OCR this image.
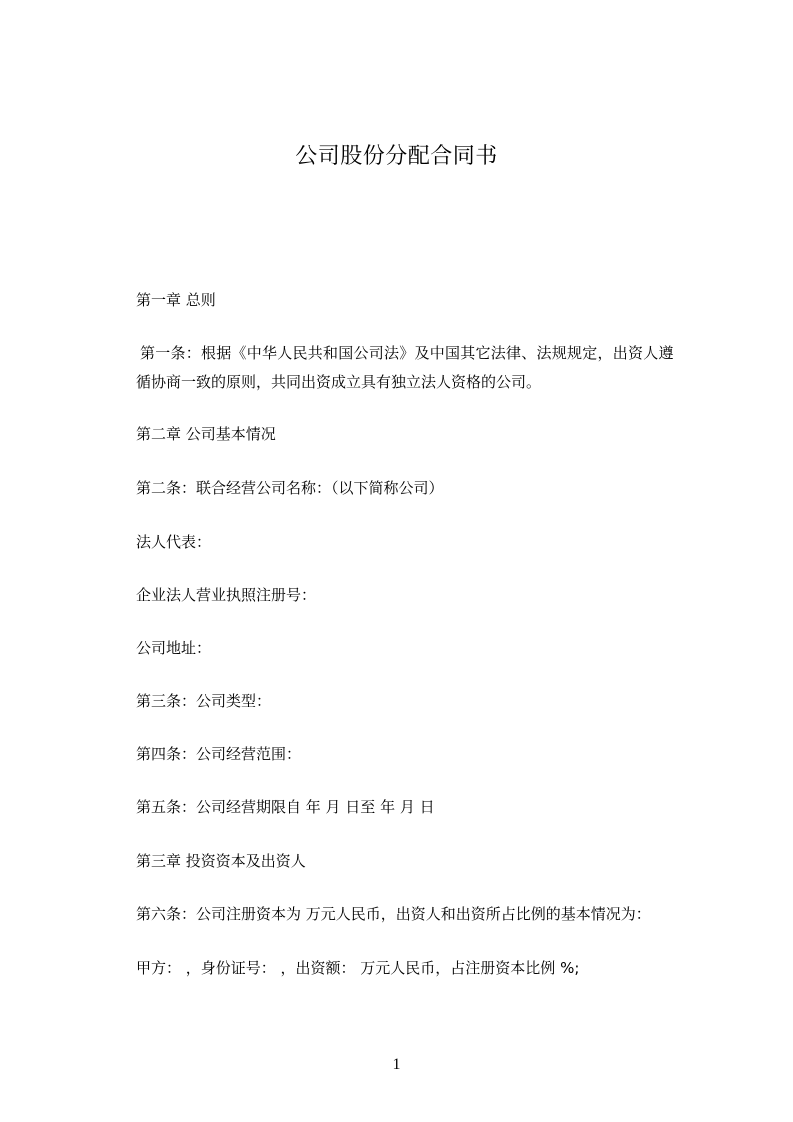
公司股份分配合同书
第一章 总则
第一条：根据《中华人民共和国公司法》及中国其它法律、法规规定，出资人遵
循协商一致的原则，共同出资成立具有独立法人资格的公司。
第二章 公司基本情况
第二条：联合经营公司名称：（以下简称公司）
法人代表：
企业法人营业执照注册号：
公司地址：
第三条：公司类型：
第四条：公司经营范围：
第五条：公司经营期限自 年 月 日至 年 月 日
第三章 投资资本及出资人
第六条：公司注册资本为 万元人民币，出资人和出资所占比例的基本情况为：
甲方： ，身份证号： ，出资额： 万元人民币，占注册资本比例 %;
1
